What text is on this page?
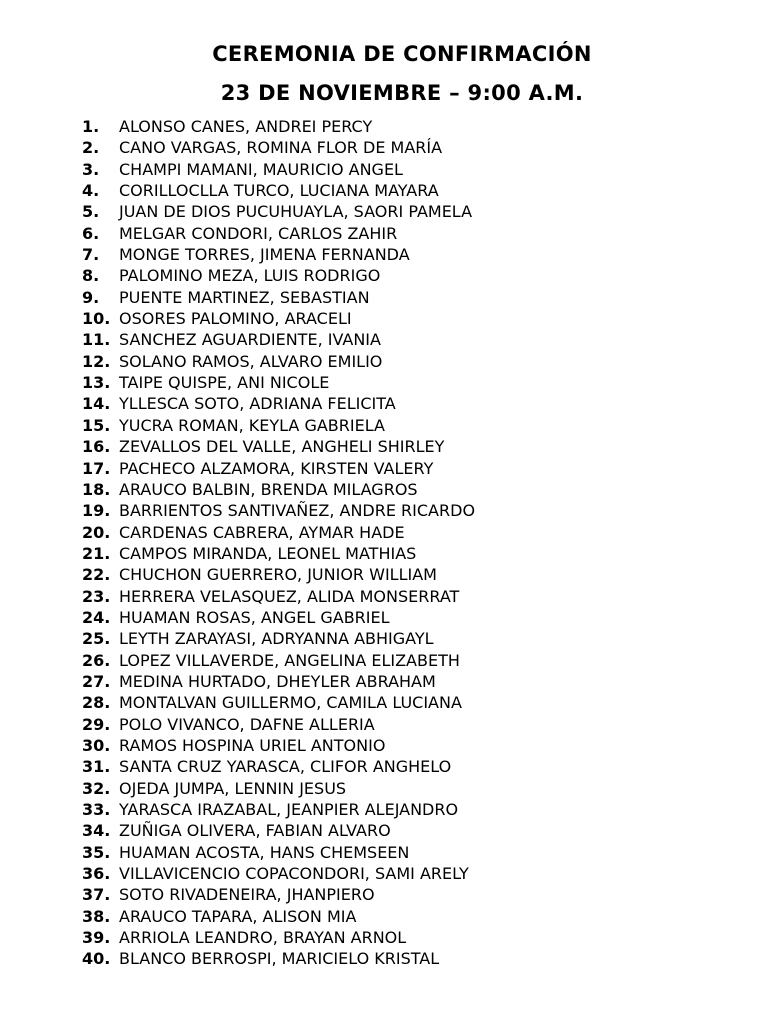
CEREMONIA DE CONFIRMACIÓN
23 DE NOVIEMBRE – 9:00 A.M.
1. ALONSO CANES, ANDREI PERCY
2. CANO VARGAS, ROMINA FLOR DE MARÍA
3. CHAMPI MAMANI, MAURICIO ANGEL
4. CORILLOCLLA TURCO, LUCIANA MAYARA
5. JUAN DE DIOS PUCUHUAYLA, SAORI PAMELA
6. MELGAR CONDORI, CARLOS ZAHIR
7. MONGE TORRES, JIMENA FERNANDA
8. PALOMINO MEZA, LUIS RODRIGO
9. PUENTE MARTINEZ, SEBASTIAN
10. OSORES PALOMINO, ARACELI
11. SANCHEZ AGUARDIENTE, IVANIA
12. SOLANO RAMOS, ALVARO EMILIO
13. TAIPE QUISPE, ANI NICOLE
14. YLLESCA SOTO, ADRIANA FELICITA
15. YUCRA ROMAN, KEYLA GABRIELA
16. ZEVALLOS DEL VALLE, ANGHELI SHIRLEY
17. PACHECO ALZAMORA, KIRSTEN VALERY
18. ARAUCO BALBIN, BRENDA MILAGROS
19. BARRIENTOS SANTIVAÑEZ, ANDRE RICARDO
20. CARDENAS CABRERA, AYMAR HADE
21. CAMPOS MIRANDA, LEONEL MATHIAS
22. CHUCHON GUERRERO, JUNIOR WILLIAM
23. HERRERA VELASQUEZ, ALIDA MONSERRAT
24. HUAMAN ROSAS, ANGEL GABRIEL
25. LEYTH ZARAYASI, ADRYANNA ABHIGAYL
26. LOPEZ VILLAVERDE, ANGELINA ELIZABETH
27. MEDINA HURTADO, DHEYLER ABRAHAM
28. MONTALVAN GUILLERMO, CAMILA LUCIANA
29. POLO VIVANCO, DAFNE ALLERIA
30. RAMOS HOSPINA URIEL ANTONIO
31. SANTA CRUZ YARASCA, CLIFOR ANGHELO
32. OJEDA JUMPA, LENNIN JESUS
33. YARASCA IRAZABAL, JEANPIER ALEJANDRO
34. ZUÑIGA OLIVERA, FABIAN ALVARO
35. HUAMAN ACOSTA, HANS CHEMSEEN
36. VILLAVICENCIO COPACONDORI, SAMI ARELY
37. SOTO RIVADENEIRA, JHANPIERO
38. ARAUCO TAPARA, ALISON MIA
39. ARRIOLA LEANDRO, BRAYAN ARNOL
40. BLANCO BERROSPI, MARICIELO KRISTAL
